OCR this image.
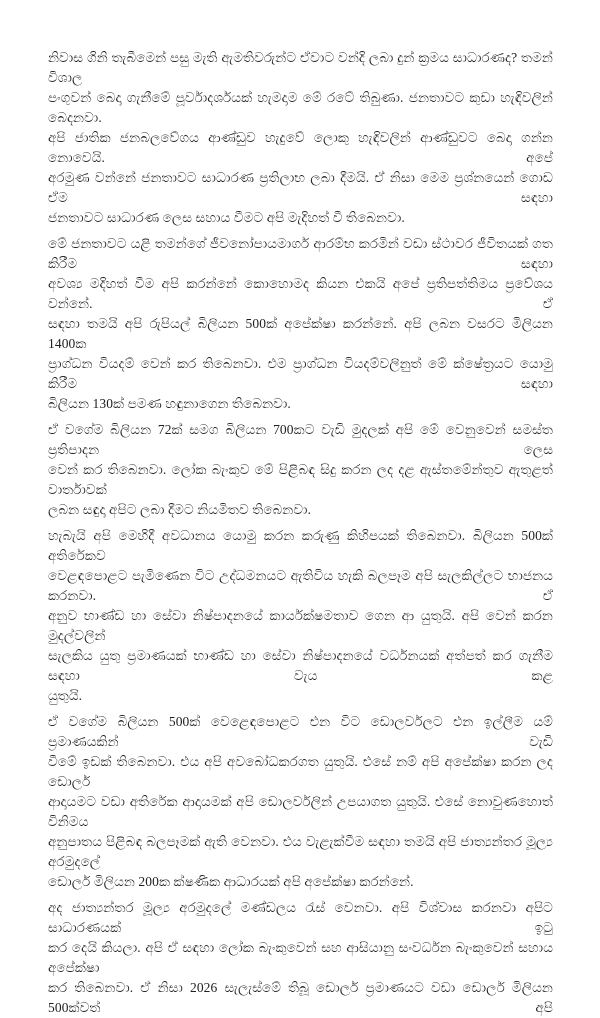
නිවාස ගිනි තැබීමෙන් පසු මැති ඇමතිවරුන්ට ඒවාට වන්දි ලබා දුන් ක්‍රමය සාධාරණද? තමන් විශාල
පංගුවන් බෙදා ගැනීමේ පූර්වාදර්ශයක් හැමදාම මේ රටේ තිබුණා. ජනතාවට කුඩා හැඳිවලින් බෙදනවා.
අපි ජාතික ජනබලවේගය ආණ්ඩුව හැදුවේ ලොකු හැඳිවලින් ආණ්ඩුවට බෙදා ගන්න නොවෙයි. අපේ
අරමුණ වන්නේ ජනතාවට සාධාරණ ප්‍රතිලාභ ලබා දීමයි. ඒ නිසා මෙම ප්‍රශ්නයෙන් ගොඩ ඒම සඳහා
ජනතාවට සාධාරණ ලෙස සහාය වීමට අපි මැදිහත් වී තිබෙනවා.
මේ ජනතාවට යළි තමන්ගේ ජීවනෝපායමාර්ග ආරම්භ කරමින් වඩා ස්ථාවර ජීවිතයක් ගත කිරීම සඳහා
අවශ්‍ය මදිහත් වීම අපි කරන්නේ කොහොමද කියන එකයි අපේ ප්‍රතිපත්තිමය ප්‍රවේශය වන්නේ. ඒ
සඳහා තමයි අපි රුපියල් බිලියන 500ක් අපේක්ෂා කරන්නේ. අපි ලබන වසරට මිලියන 1400ක
ප්‍රාග්ධන වියදම් වෙන් කර තිබෙනවා. එම ප්‍රාග්ධන වියදම්වලිනුත් මේ ක්ෂේත්‍රයට යොමු කිරීම සඳහා
බිලියන 130ක් පමණ හඳුනාගෙන තිබෙනවා.
ඒ වගේම බිලියන 72ක් සමග බිලියන 700කට වැඩි මුදලක් අපි මේ වෙනුවෙන් සමස්ත ප්‍රතිපාදන ලෙස
වෙන් කර තිබෙනවා. ලෝක බැංකුව මේ පිළිබඳ සිදු කරන ලද දළ ඇස්තමේන්තුව ඇතුළත් වාර්තාවක්
ලබන සඳුදා අපිට ලබා දීමට නියමිතව තිබෙනවා.
හැබැයි අපි මෙහිදී අවධානය යොමු කරන කරුණු කිහිපයක් තිබෙනවා. බිලියන 500ක් අතිරේකව
වෙළඳපොළට පැමිණෙන විට උද්ධමනයට ඇතිවිය හැකි බලපෑම අපි සැලකිල්ලට භාජනය කරනවා. ඒ
අනුව භාණ්ඩ හා සේවා නිෂ්පාදනයේ කාර්යක්ෂමතාව ගෙන ආ යුතුයි. අපි වෙන් කරන මුදල්වලින්
සැලකිය යුතු ප්‍රමාණයක් භාණ්ඩ හා සේවා නිෂ්පාදනයේ වර්ධනයක් අත්පත් කර ගැනීම සඳහා වැය කළ
යුතුයි.
ඒ වගේම බිලියන 500ක් වෙළෙඳපොළට එන විට ඩොලර්වලට එන ඉල්ලීම යම් ප්‍රමාණයකින් වැඩි
වීමේ ඉඩක් තිබෙනවා. එය අපි අවබෝධකරගත යුතුයි. එසේ නම් අපි අපේක්ෂා කරන ලද ඩොලර්
ආදායමට වඩා අතිරේක ආදායමක් අපි ඩොලර්වලින් උපයාගත යුතුයි. එසේ නොවුණහොත් විනිමය
අනුපාතය පිළිබඳ බලපෑමක් ඇති වෙනවා. එය වැළැක්වීම සඳහා තමයි අපි ජාත්‍යන්තර මූල්‍ය අරමුදලේ
ඩොලර් මිලියන 200ක ක්ෂණික ආධාරයක් අපි අපේක්ෂා කරන්නේ.
අද ජාත්‍යන්තර මූල්‍ය අරමුදලේ මණ්ඩලය රැස් වෙනවා. අපි විශ්වාස කරනවා අපිට සාධාරණයක් ඉටු
කර දෙයි කියලා. අපි ඒ සඳහා ලෝක බැංකුවෙන් සහ ආසියානු සංවර්ධන බැංකුවෙන් සහාය අපේක්ෂා
කර තිබෙනවා. ඒ නිසා 2026 සැලැස්මේ තිබූ ඩොලර් ප්‍රමාණයට වඩා ඩොලර් මිලියන 500ක්වත් අපි
